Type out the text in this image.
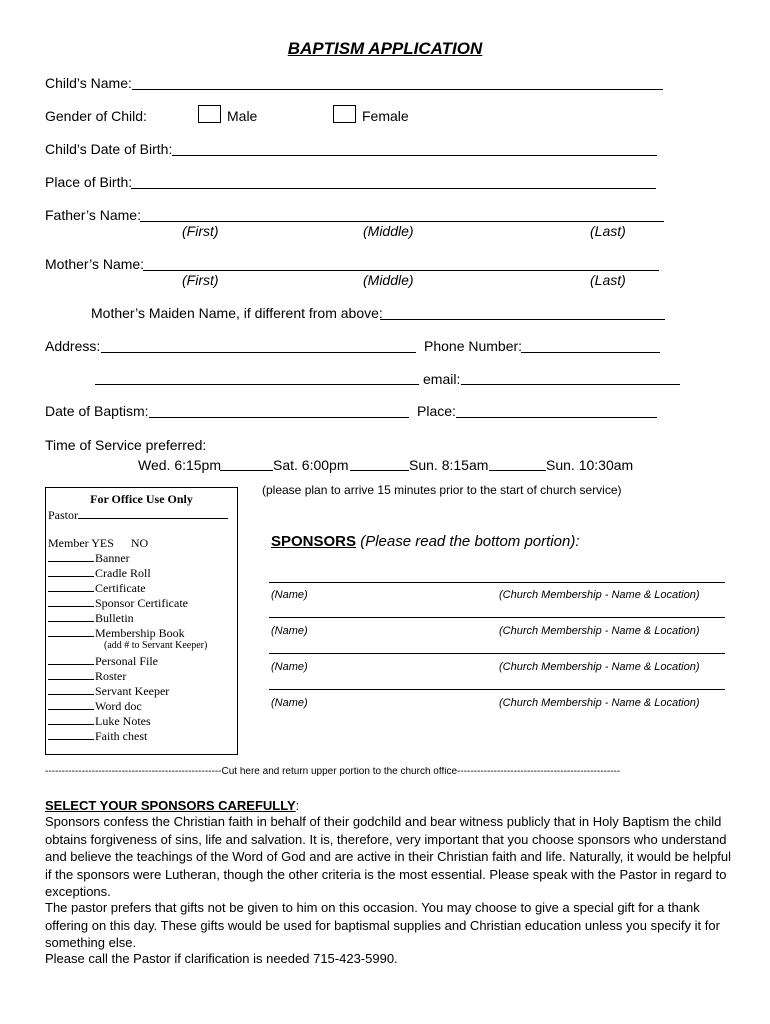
BAPTISM APPLICATION
Child’s Name:
Gender of Child:	Male	Female
Child’s Date of Birth:
Place of Birth:
Father’s Name:
(First)	(Middle)	(Last)
Mother’s Name:
(First)	(Middle)	(Last)
Mother’s Maiden Name, if different from above:
Address:	Phone Number:
email:
Date of Baptism:	Place:
Time of Service preferred:
Wed. 6:15pm	Sat. 6:00pm	Sun. 8:15am	Sun. 10:30am
(please plan to arrive 15 minutes prior to the start of church service)
For Office Use Only
Pastor
Member YES NO
Banner
Cradle Roll
Certificate
Sponsor Certificate
Bulletin
Membership Book
(add # to Servant Keeper)
Personal File
Roster
Servant Keeper
Word doc
Luke Notes
Faith chest
SPONSORS (Please read the bottom portion):
(Name)	(Church Membership - Name & Location)
(Name)	(Church Membership - Name & Location)
(Name)	(Church Membership - Name & Location)
(Name)	(Church Membership - Name & Location)
-----------------------------------------------------Cut here and return upper portion to the church office-------------------------------------------------
SELECT YOUR SPONSORS CAREFULLY:
Sponsors confess the Christian faith in behalf of their godchild and bear witness publicly that in Holy Baptism the child obtains forgiveness of sins, life and salvation. It is, therefore, very important that you choose sponsors who understand and believe the teachings of the Word of God and are active in their Christian faith and life. Naturally, it would be helpful if the sponsors were Lutheran, though the other criteria is the most essential. Please speak with the Pastor in regard to exceptions.
The pastor prefers that gifts not be given to him on this occasion. You may choose to give a special gift for a thank offering on this day. These gifts would be used for baptismal supplies and Christian education unless you specify it for something else.
Please call the Pastor if clarification is needed 715-423-5990.
